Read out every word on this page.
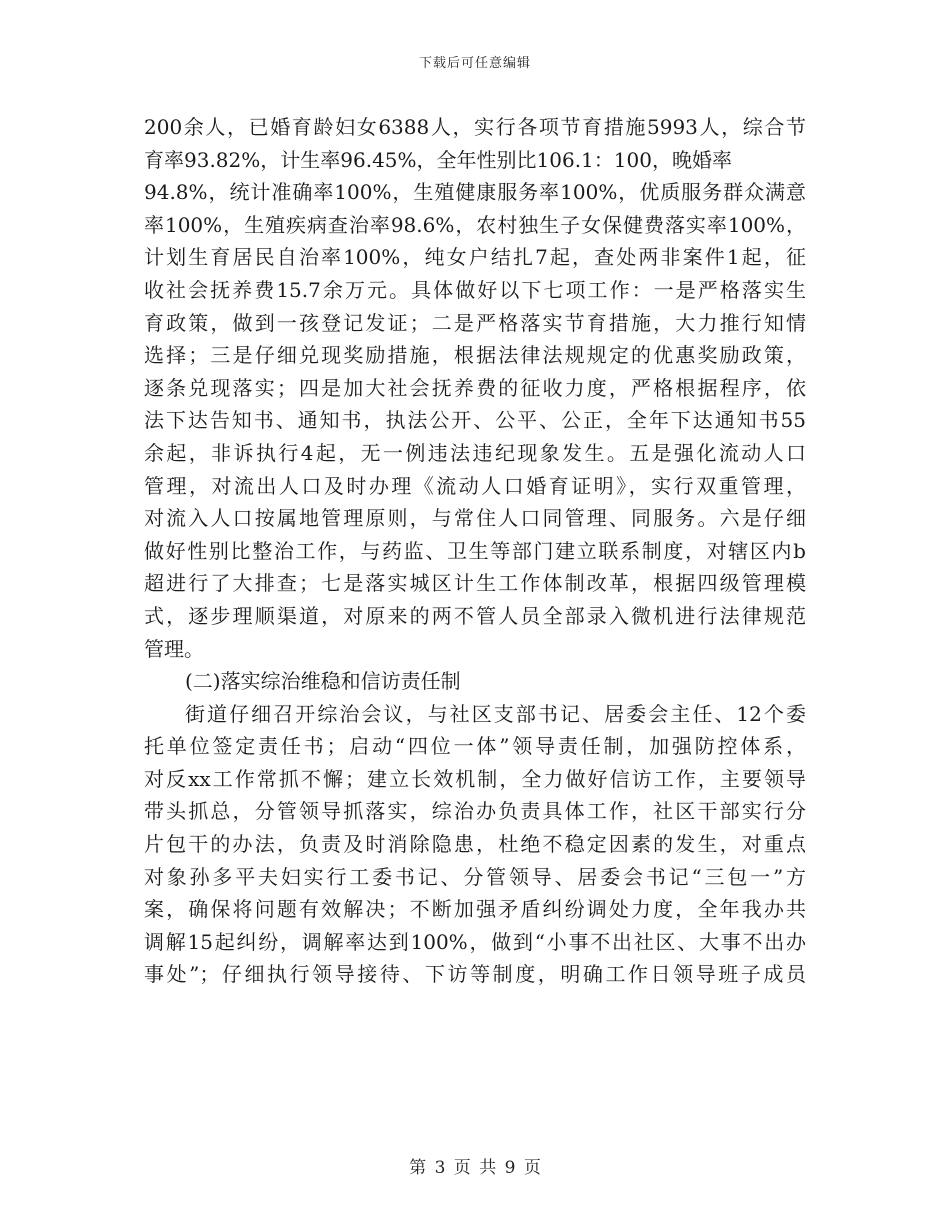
下载后可任意编辑
200余人，已婚育龄妇女6388人，实行各项节育措施5993人，综合节
育率93.82%，计生率96.45%，全年性别比106.1：100，晚婚率
94.8%，统计准确率100%，生殖健康服务率100%，优质服务群众满意
率100%，生殖疾病查治率98.6%，农村独生子女保健费落实率100%，
计划生育居民自治率100%，纯女户结扎7起，查处两非案件1起，征
收社会抚养费15.7余万元。具体做好以下七项工作：一是严格落实生
育政策，做到一孩登记发证；二是严格落实节育措施，大力推行知情
选择；三是仔细兑现奖励措施，根据法律法规规定的优惠奖励政策，
逐条兑现落实；四是加大社会抚养费的征收力度，严格根据程序，依
法下达告知书、通知书，执法公开、公平、公正，全年下达通知书55
余起，非诉执行4起，无一例违法违纪现象发生。五是强化流动人口
管理，对流出人口及时办理《流动人口婚育证明》，实行双重管理，
对流入人口按属地管理原则，与常住人口同管理、同服务。六是仔细
做好性别比整治工作，与药监、卫生等部门建立联系制度，对辖区内b
超进行了大排查；七是落实城区计生工作体制改革，根据四级管理模
式，逐步理顺渠道，对原来的两不管人员全部录入微机进行法律规范
管理。
(二)落实综治维稳和信访责任制
街道仔细召开综治会议，与社区支部书记、居委会主任、12个委
托单位签定责任书；启动“四位一体”领导责任制，加强防控体系，
对反xx工作常抓不懈；建立长效机制，全力做好信访工作，主要领导
带头抓总，分管领导抓落实，综治办负责具体工作，社区干部实行分
片包干的办法，负责及时消除隐患，杜绝不稳定因素的发生，对重点
对象孙多平夫妇实行工委书记、分管领导、居委会书记“三包一”方
案，确保将问题有效解决；不断加强矛盾纠纷调处力度，全年我办共
调解15起纠纷，调解率达到100%，做到“小事不出社区、大事不出办
事处”；仔细执行领导接待、下访等制度，明确工作日领导班子成员
第 3 页 共 9 页
